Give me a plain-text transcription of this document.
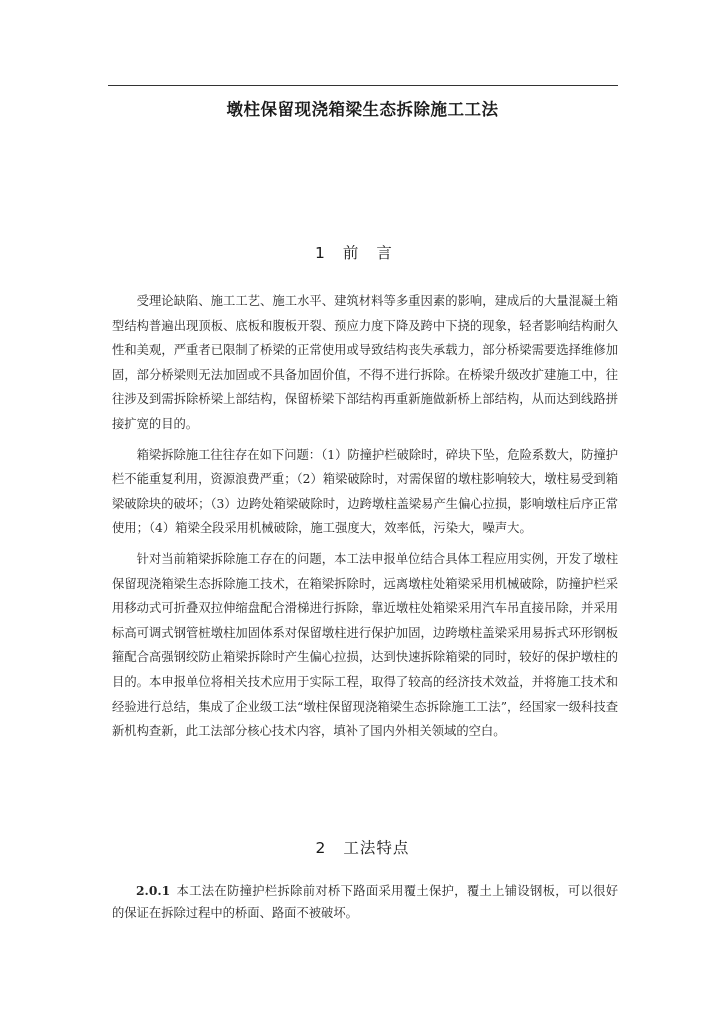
墩柱保留现浇箱梁生态拆除施工工法
1 前言

受理论缺陷、施工工艺、施工水平、建筑材料等多重因素的影响，建成后的大量混凝土箱型结构普遍出现顶板、底板和腹板开裂、预应力度下降及跨中下挠的现象，轻者影响结构耐久性和美观，严重者已限制了桥梁的正常使用或导致结构丧失承载力，部分桥梁需要选择维修加固，部分桥梁则无法加固或不具备加固价值，不得不进行拆除。在桥梁升级改扩建施工中，往往涉及到需拆除桥梁上部结构，保留桥梁下部结构再重新施做新桥上部结构，从而达到线路拼接扩宽的目的。

箱梁拆除施工往往存在如下问题：（1）防撞护栏破除时，碎块下坠，危险系数大，防撞护栏不能重复利用，资源浪费严重；（2）箱梁破除时，对需保留的墩柱影响较大，墩柱易受到箱梁破除块的破坏；（3）边跨处箱梁破除时，边跨墩柱盖梁易产生偏心拉损，影响墩柱后序正常使用；（4）箱梁全段采用机械破除，施工强度大，效率低，污染大，噪声大。

针对当前箱梁拆除施工存在的问题，本工法申报单位结合具体工程应用实例，开发了墩柱保留现浇箱梁生态拆除施工技术，在箱梁拆除时，远离墩柱处箱梁采用机械破除，防撞护栏采用移动式可折叠双拉伸缩盘配合滑梯进行拆除，靠近墩柱处箱梁采用汽车吊直接吊除，并采用标高可调式钢管桩墩柱加固体系对保留墩柱进行保护加固，边跨墩柱盖梁采用易拆式环形钢板箍配合高强钢绞防止箱梁拆除时产生偏心拉损，达到快速拆除箱梁的同时，较好的保护墩柱的目的。本申报单位将相关技术应用于实际工程，取得了较高的经济技术效益，并将施工技术和经验进行总结，集成了企业级工法“墩柱保留现浇箱梁生态拆除施工工法”，经国家一级科技查新机构查新，此工法部分核心技术内容，填补了国内外相关领域的空白。

2 工法特点
2.0.1 本工法在防撞护栏拆除前对桥下路面采用覆土保护，覆土上铺设钢板，可以很好的保证在拆除过程中的桥面、路面不被破坏。
